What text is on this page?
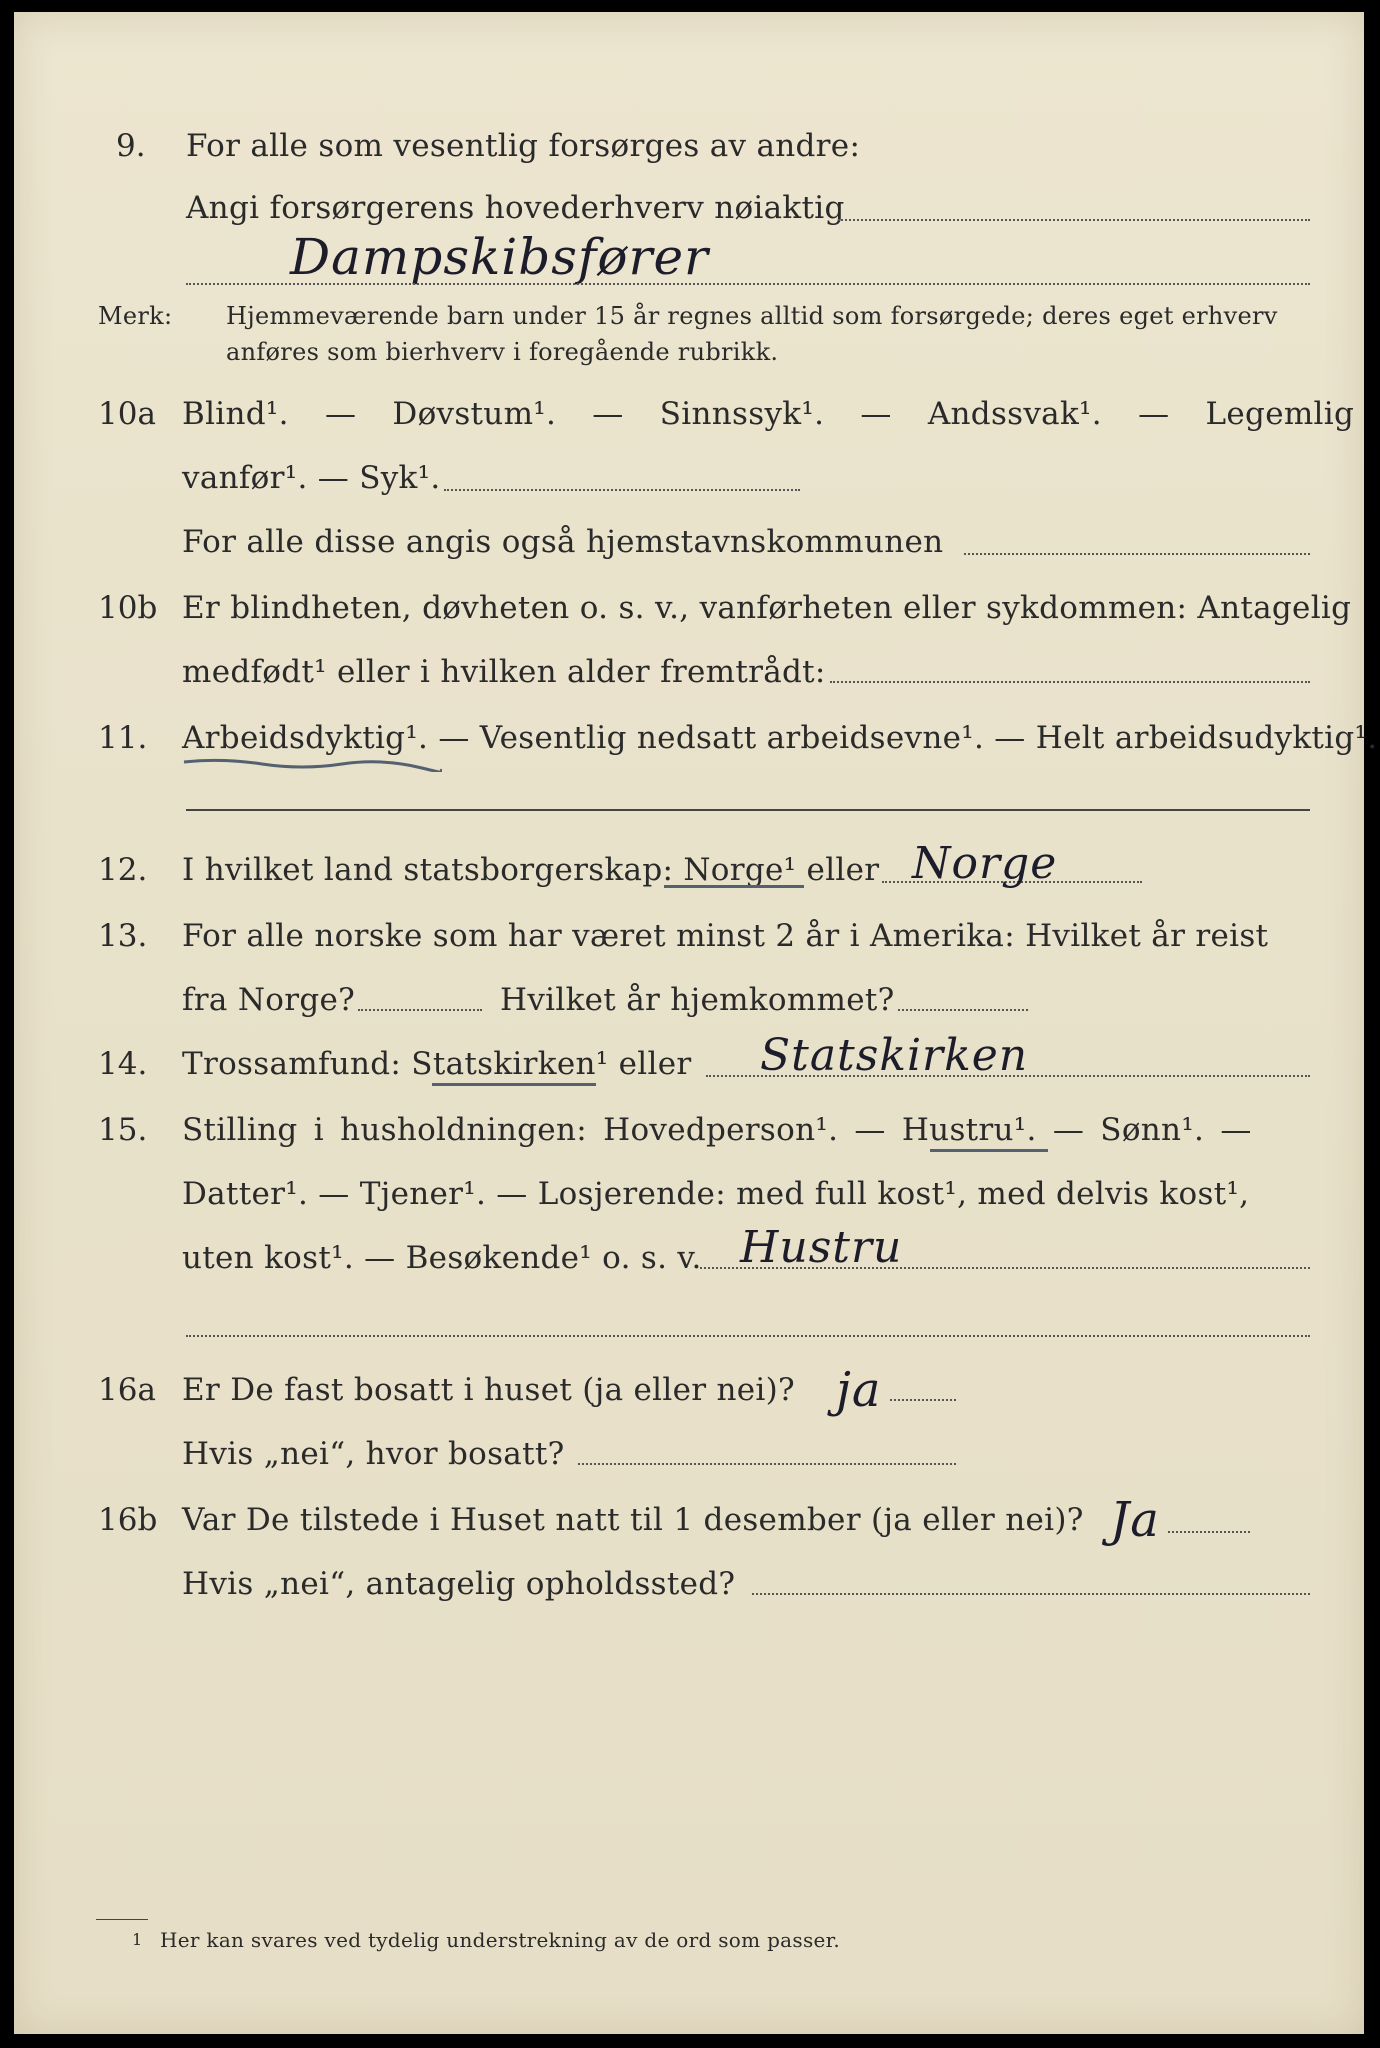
9. For alle som vesentlig forsørges av andre:
Angi forsørgerens hovederhverv nøiaktig
Dampskibsfører
Merk: Hjemmeværende barn under 15 år regnes alltid som forsørgede; deres eget erhverv
anføres som bierhverv i foregående rubrikk.
10a Blind¹. — Døvstum¹. — Sinnssyk¹. — Andssvak¹. — Legemlig
vanfør¹. — Syk¹.
For alle disse angis også hjemstavnskommunen
10b Er blindheten, døvheten o. s. v., vanførheten eller sykdommen: Antagelig
medfødt¹ eller i hvilken alder fremtrådt:
11. Arbeidsdyktig¹. — Vesentlig nedsatt arbeidsevne¹. — Helt arbeidsudyktig¹.
12. I hvilket land statsborgerskap: Norge¹ eller Norge
13. For alle norske som har været minst 2 år i Amerika: Hvilket år reist
fra Norge?	Hvilket år hjemkommet?
14. Trossamfund: Statskirken¹ eller Statskirken
15. Stilling i husholdningen: Hovedperson¹. — Hustru¹. — Sønn¹. —
Datter¹. — Tjener¹. — Losjerende: med full kost¹, med delvis kost¹,
uten kost¹. — Besøkende¹ o. s. v. Hustru
16a Er De fast bosatt i huset (ja eller nei)? ja
Hvis „nei“, hvor bosatt?
16b Var De tilstede i Huset natt til 1 desember (ja eller nei)? Ja
Hvis „nei“, antagelig opholdssted?
1 Her kan svares ved tydelig understrekning av de ord som passer.
